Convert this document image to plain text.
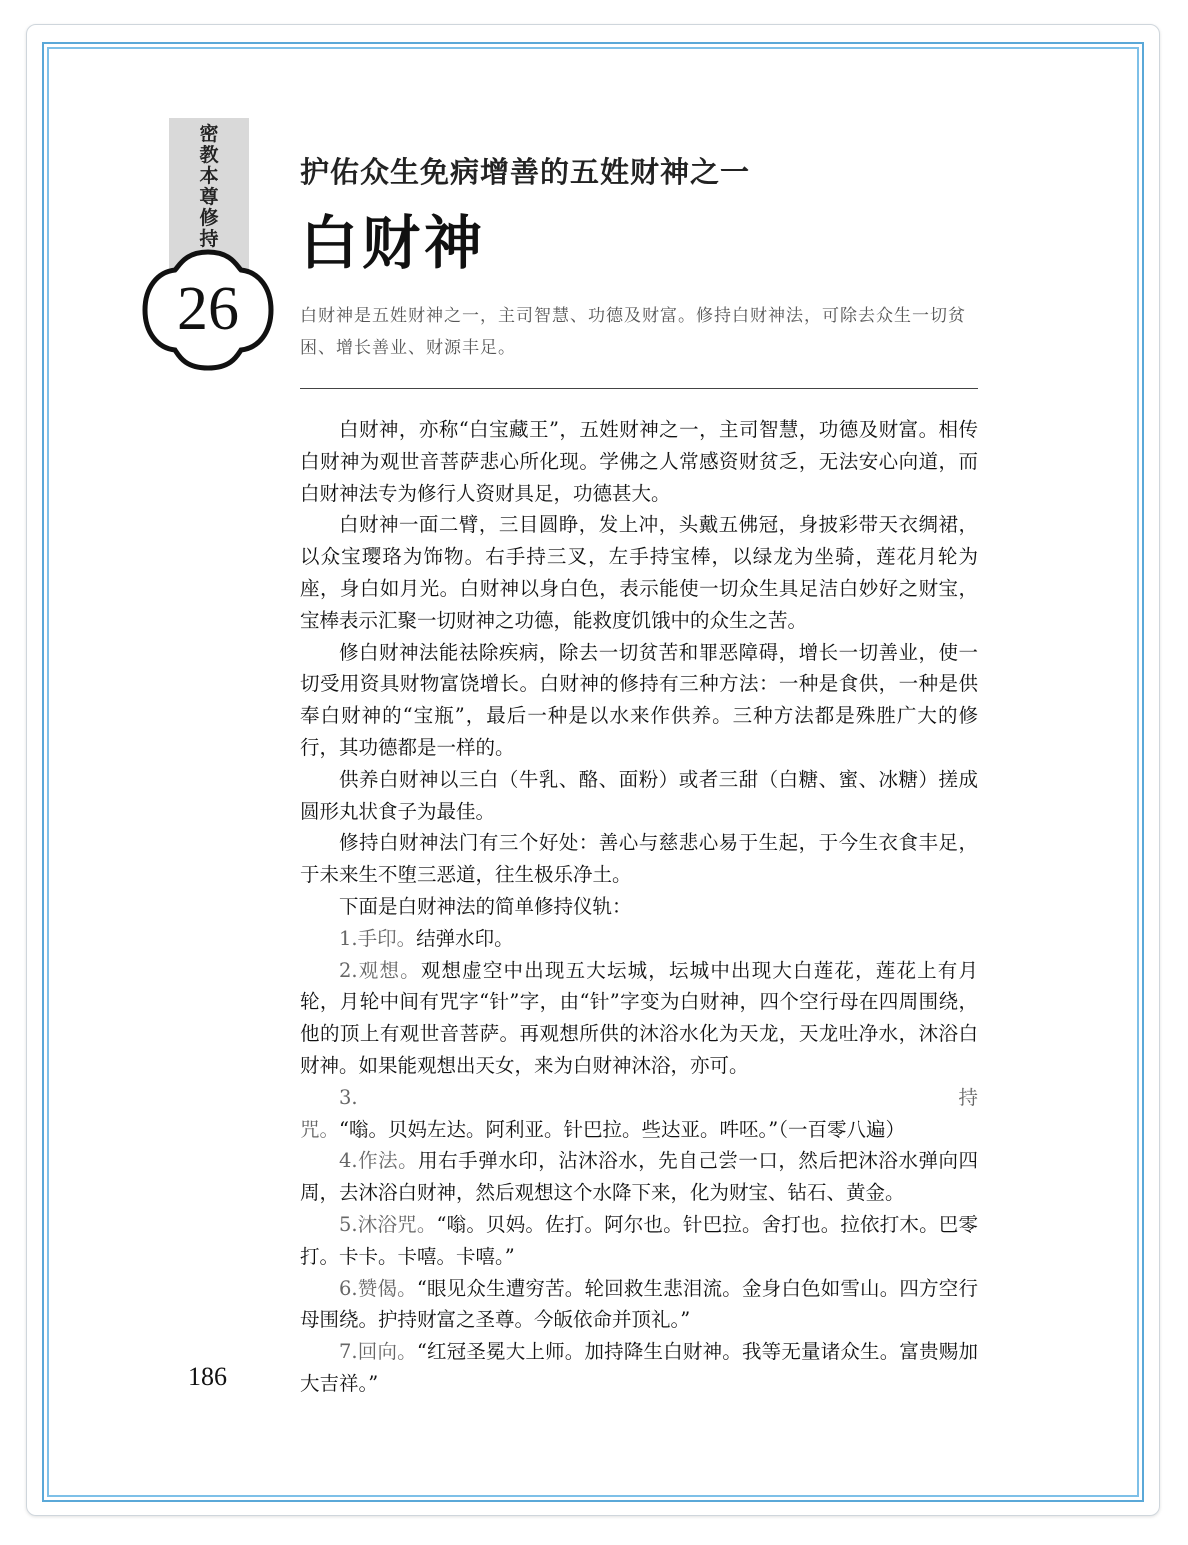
密教本尊修持
26
护佑众生免病增善的五姓财神之一
白财神
白财神是五姓财神之一，主司智慧、功德及财富。修持白财神法，可除去众生一切贫困、增长善业、财源丰足。

白财神，亦称“白宝藏王”，五姓财神之一，主司智慧，功德及财富。相传白财神为观世音菩萨悲心所化现。学佛之人常感资财贫乏，无法安心向道，而白财神法专为修行人资财具足，功德甚大。

白财神一面二臂，三目圆睁，发上冲，头戴五佛冠，身披彩带天衣绸裙，以众宝璎珞为饰物。右手持三叉，左手持宝棒，以绿龙为坐骑，莲花月轮为座，身白如月光。白财神以身白色，表示能使一切众生具足洁白妙好之财宝，宝棒表示汇聚一切财神之功德，能救度饥饿中的众生之苦。

修白财神法能祛除疾病，除去一切贫苦和罪恶障碍，增长一切善业，使一切受用资具财物富饶增长。白财神的修持有三种方法：一种是食供，一种是供奉白财神的“宝瓶”，最后一种是以水来作供养。三种方法都是殊胜广大的修行，其功德都是一样的。

供养白财神以三白（牛乳、酪、面粉）或者三甜（白糖、蜜、冰糖）搓成圆形丸状食子为最佳。

修持白财神法门有三个好处：善心与慈悲心易于生起，于今生衣食丰足，于未来生不堕三恶道，往生极乐净土。

下面是白财神法的简单修持仪轨：

1.手印。结弹水印。

2.观想。观想虚空中出现五大坛城，坛城中出现大白莲花，莲花上有月轮，月轮中间有咒字“针”字，由“针”字变为白财神，四个空行母在四周围绕，他的顶上有观世音菩萨。再观想所供的沐浴水化为天龙，天龙吐净水，沐浴白财神。如果能观想出天女，来为白财神沐浴，亦可。

3.持咒。“嗡。贝妈左达。阿利亚。针巴拉。些达亚。吽呸。”（一百零八遍）

4.作法。用右手弹水印，沾沐浴水，先自己尝一口，然后把沐浴水弹向四周，去沐浴白财神，然后观想这个水降下来，化为财宝、钻石、黄金。

5.沐浴咒。“嗡。贝妈。佐打。阿尔也。针巴拉。舍打也。拉依打木。巴零打。卡卡。卡嘻。卡嘻。”

6.赞偈。“眼见众生遭穷苦。轮回救生悲泪流。金身白色如雪山。四方空行母围绕。护持财富之圣尊。今皈依命并顶礼。”

7.回向。“红冠圣冕大上师。加持降生白财神。我等无量诸众生。富贵赐加大吉祥。”

186
